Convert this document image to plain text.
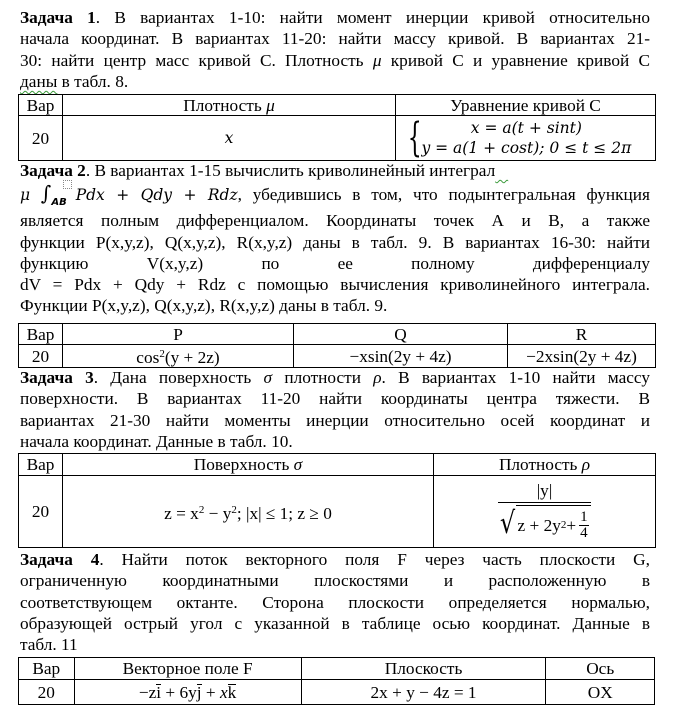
Задача 1. В вариантах 1-10: найти момент инерции кривой относительно
начала координат. В вариантах 11-20: найти массу кривой. В вариантах 21-
30: найти центр масс кривой С. Плотность μ кривой С и уравнение кривой С
даны в табл. 8.
Вар	Плотность μ	Уравнение кривой С
20	x	{ x = a(t + sint)
y = a(1 + cost); 0 ≤ t ≤ 2π
Задача 2. В вариантах 1-15 вычислить криволинейный интеграл
μ $\int_{AB}$ Pdx + Qdy + Rdz, убедившись в том, что подынтегральная функция
является полным дифференциалом. Координаты точек А и В, а также
функции P(x,y,z), Q(x,y,z), R(x,y,z) даны в табл. 9. В вариантах 16-30: найти
функцию	V(x,y,z)	по	ее	полному	дифференциалу
dV = Pdx + Qdy + Rdz с помощью вычисления криволинейного интеграла.
Функции P(x,y,z), Q(x,y,z), R(x,y,z) даны в табл. 9.
Вар	P	Q	R
20	$\cos^2(y + 2z)$	−xsin(2y + 4z)	−2xsin(2y + 4z)
Задача 3. Дана поверхность σ плотности ρ. В вариантах 1-10 найти массу
поверхности. В вариантах 11-20 найти координаты центра тяжести. В
вариантах 21-30 найти моменты инерции относительно осей координат и
начала координат. Данные в табл. 10.
Вар	Поверхность σ	Плотность ρ
20	$z = x^2 - y^2$; |x| ≤ 1; z ≥ 0	$\frac{|y|}{√ z + 2y 2 + \frac{1}{4}}$
Задача 4. Найти поток векторного поля F через часть плоскости G,
ограниченную координатными плоскостями и расположенную в
соответствующем октанте. Сторона плоскости определяется нормалью,
образующей острый угол с указанной в таблице осью координат. Данные в
табл. 11
Вар	Векторное поле F	Плоскость	Ось
20	−zi + 6yj + xk	2x + y − 4z = 1	OX
